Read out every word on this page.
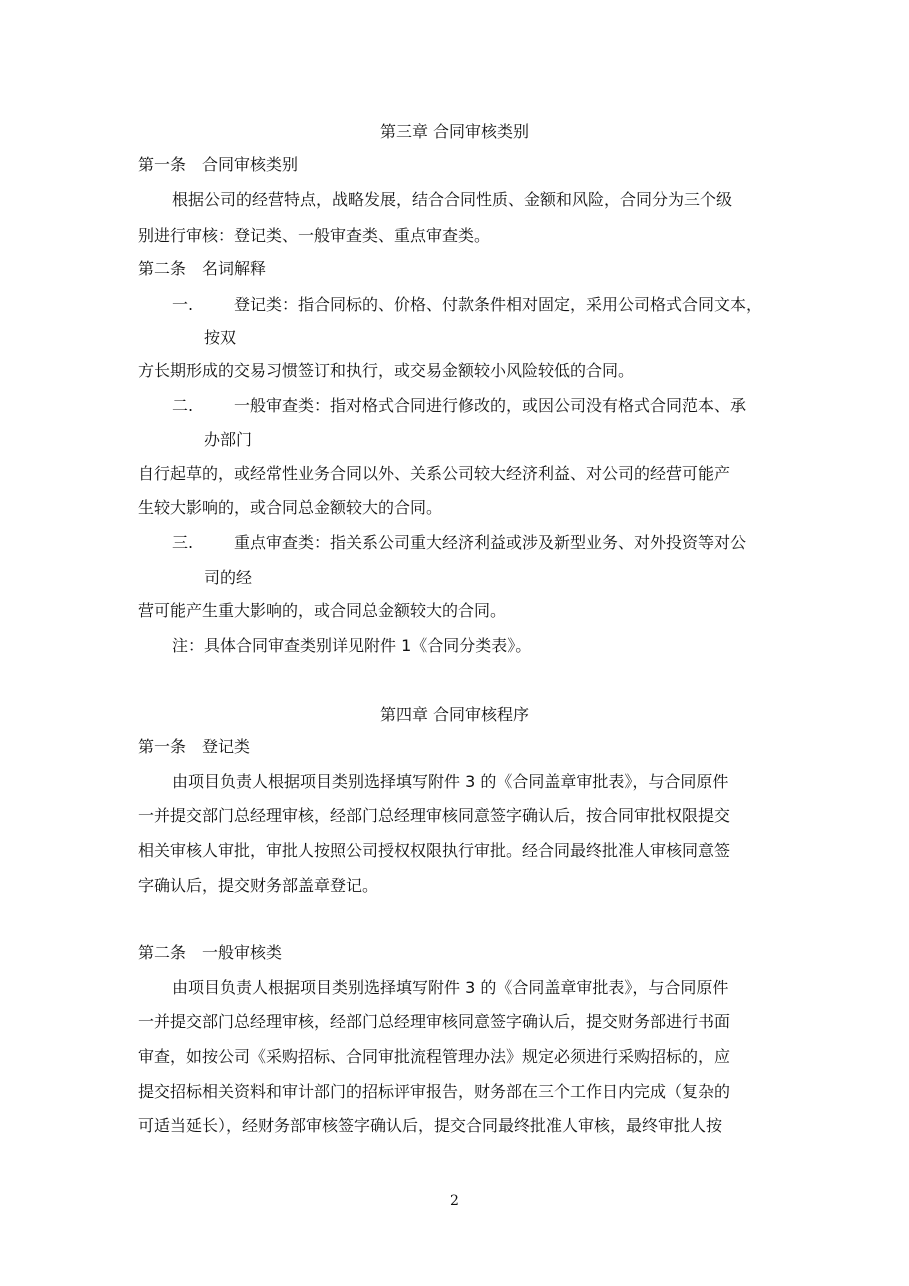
第三章 合同审核类别
第一条　合同审核类别
根据公司的经营特点，战略发展，结合合同性质、金额和风险，合同分为三个级
别进行审核：登记类、一般审查类、重点审查类。
第二条　名词解释
一.	登记类：指合同标的、价格、付款条件相对固定，采用公司格式合同文本，
按双
方长期形成的交易习惯签订和执行，或交易金额较小风险较低的合同。
二.	一般审查类：指对格式合同进行修改的，或因公司没有格式合同范本、承
办部门
自行起草的，或经常性业务合同以外、关系公司较大经济利益、对公司的经营可能产
生较大影响的，或合同总金额较大的合同。
三.	重点审查类：指关系公司重大经济利益或涉及新型业务、对外投资等对公
司的经
营可能产生重大影响的，或合同总金额较大的合同。
注：具体合同审查类别详见附件 1《合同分类表》。
第四章 合同审核程序
第一条　登记类
由项目负责人根据项目类别选择填写附件 3 的《合同盖章审批表》，与合同原件
一并提交部门总经理审核，经部门总经理审核同意签字确认后，按合同审批权限提交
相关审核人审批，审批人按照公司授权权限执行审批。经合同最终批准人审核同意签
字确认后，提交财务部盖章登记。
第二条　一般审核类
由项目负责人根据项目类别选择填写附件 3 的《合同盖章审批表》，与合同原件
一并提交部门总经理审核，经部门总经理审核同意签字确认后，提交财务部进行书面
审查，如按公司《采购招标、合同审批流程管理办法》规定必须进行采购招标的，应
提交招标相关资料和审计部门的招标评审报告，财务部在三个工作日内完成（复杂的
可适当延长），经财务部审核签字确认后，提交合同最终批准人审核，最终审批人按
2
